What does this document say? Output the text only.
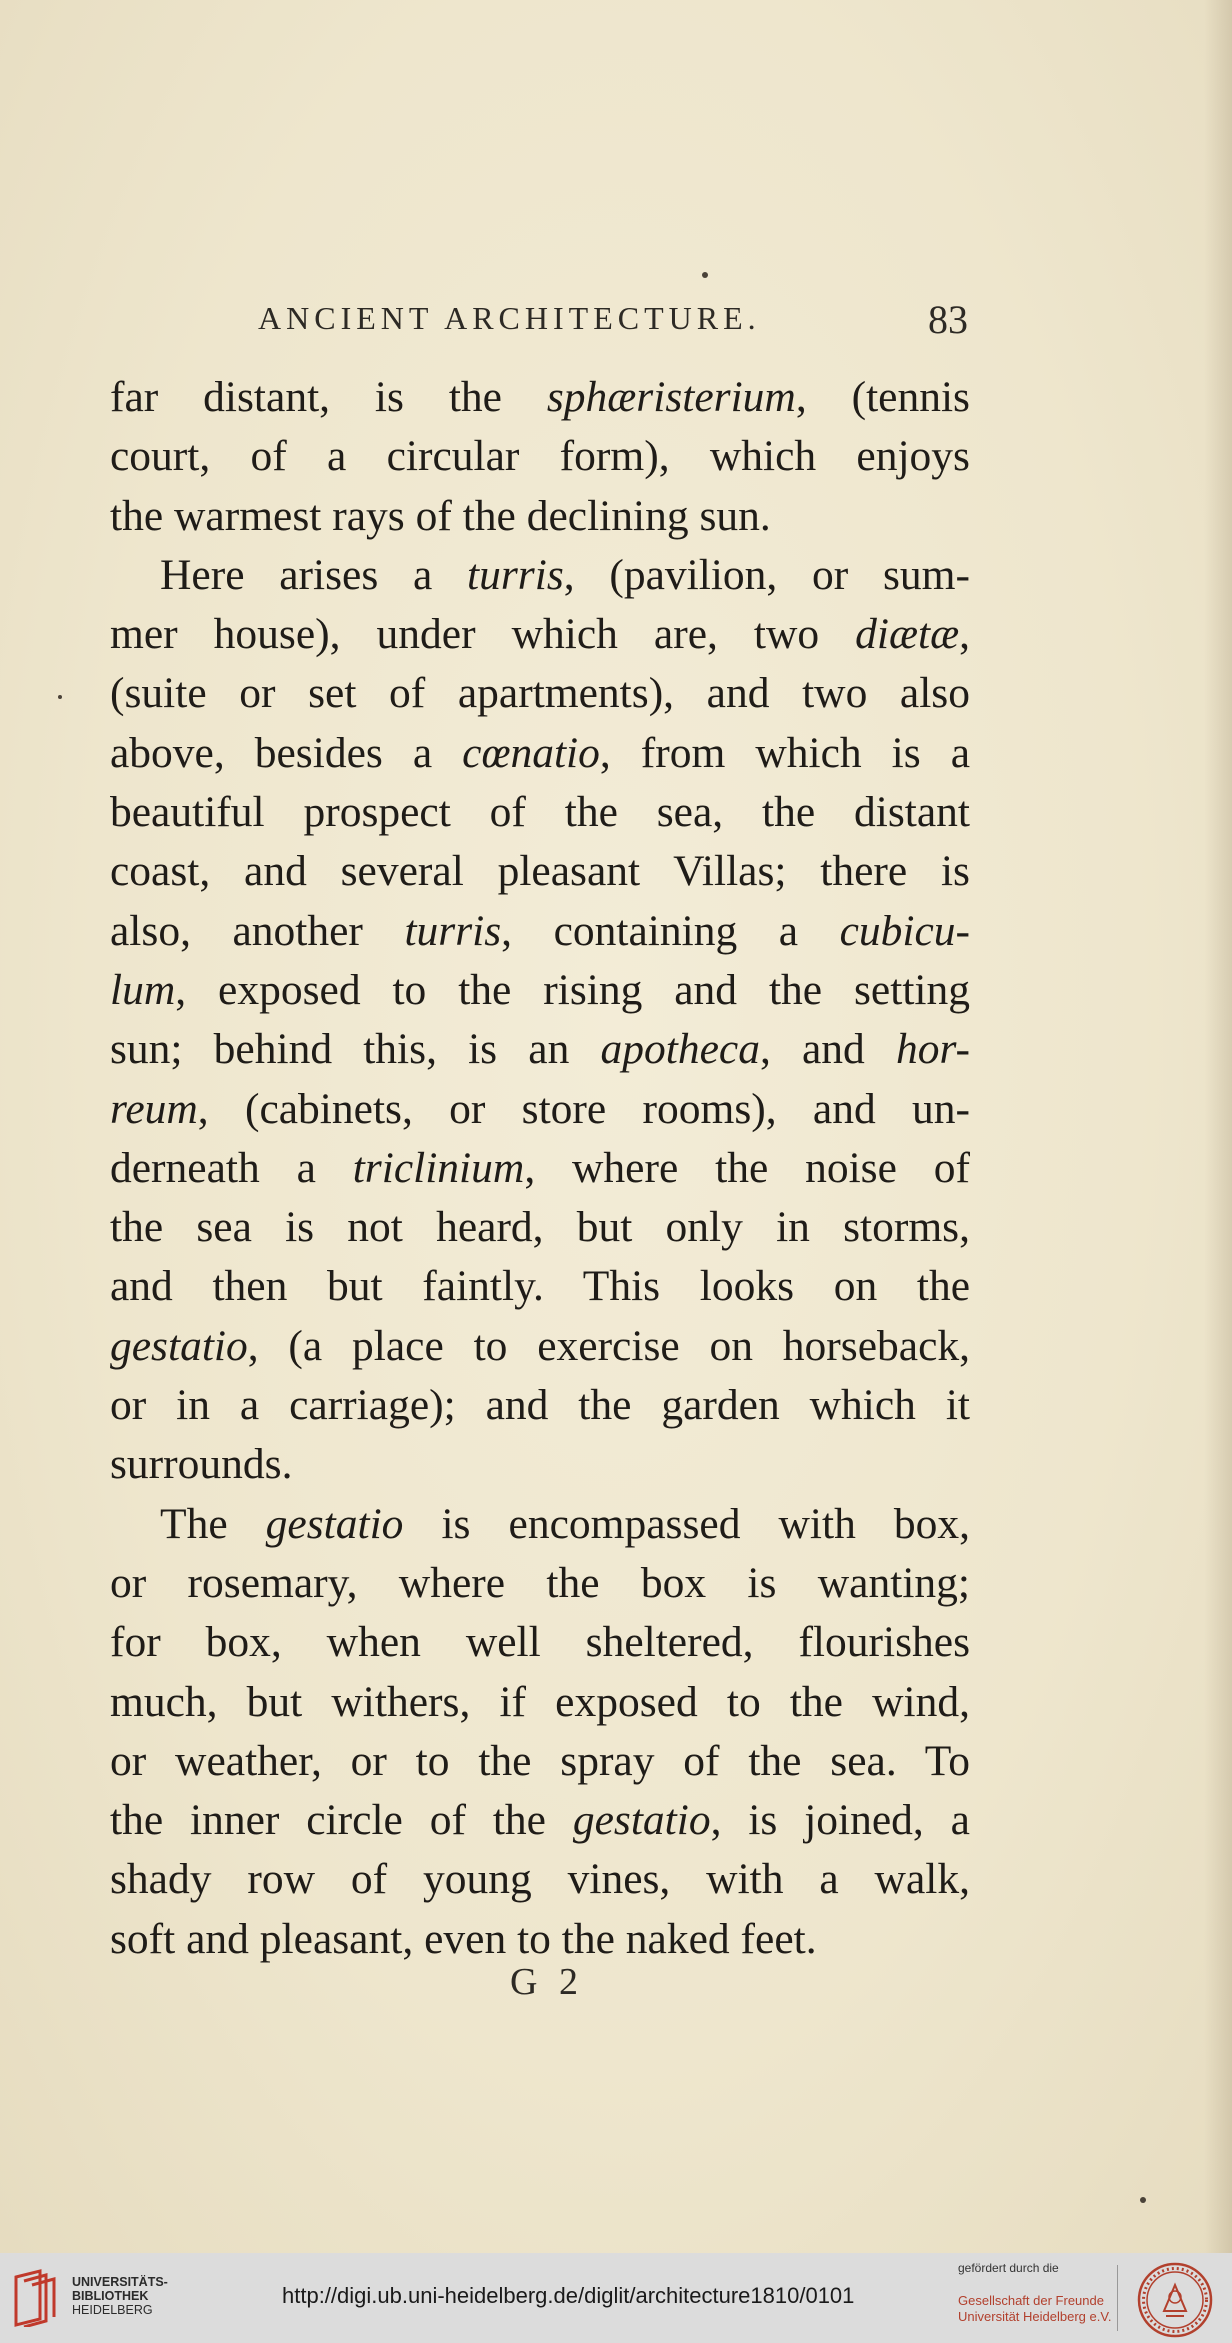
ANCIENT ARCHITECTURE.	83
far distant, is the sphæristerium, (tennis
court, of a circular form), which enjoys
the warmest rays of the declining sun.
Here arises a turris, (pavilion, or sum-
mer house), under which are, two diætæ,
(suite or set of apartments), and two also
above, besides a cœnatio, from which is a
beautiful prospect of the sea, the distant
coast, and several pleasant Villas; there is
also, another turris, containing a cubicu-
lum, exposed to the rising and the setting
sun; behind this, is an apotheca, and hor-
reum, (cabinets, or store rooms), and un-
derneath a triclinium, where the noise of
the sea is not heard, but only in storms,
and then but faintly. This looks on the
gestatio, (a place to exercise on horseback,
or in a carriage); and the garden which it
surrounds.
The gestatio is encompassed with box,
or rosemary, where the box is wanting;
for box, when well sheltered, flourishes
much, but withers, if exposed to the wind,
or weather, or to the spray of the sea. To
the inner circle of the gestatio, is joined, a
shady row of young vines, with a walk,
soft and pleasant, even to the naked feet.
G 2
UNIVERSITÄTS-
BIBLIOTHEK
HEIDELBERG
http://digi.ub.uni-heidelberg.de/diglit/architecture1810/0101
gefördert durch die
Gesellschaft der Freunde
Universität Heidelberg e.V.
